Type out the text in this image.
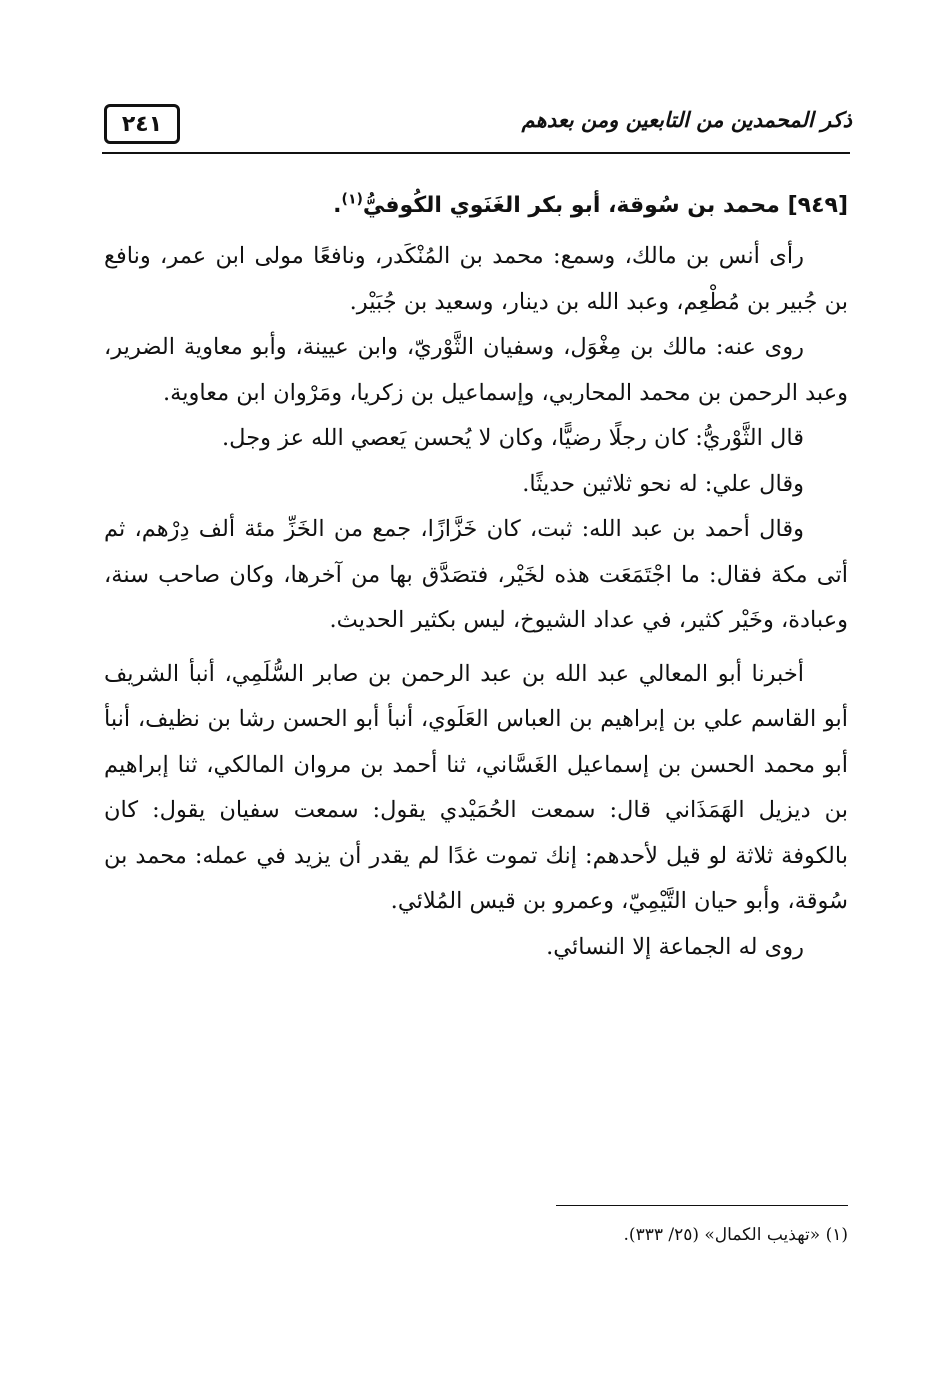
٢٤١	ذكر المحمدين من التابعين ومن بعدهم

[٩٤٩] محمد بن سُوقة، أبو بكر الغَنَوي الكُوفيُّ$^{(١)}$.

رأى أنس بن مالك، وسمع: محمد بن المُنْكَدر، ونافعًا مولى ابن عمر، ونافع بن جُبير بن مُطْعِم، وعبد الله بن دينار، وسعيد بن جُبَيْر.

روى عنه: مالك بن مِغْوَل، وسفيان الثَّوْريّ، وابن عيينة، وأبو معاوية الضرير، وعبد الرحمن بن محمد المحاربي، وإسماعيل بن زكريا، ومَرْوان ابن معاوية.

قال الثَّوْريُّ: كان رجلًا رضيًّا، وكان لا يُحسن يَعصي الله عز وجل.

وقال علي: له نحو ثلاثين حديثًا.

وقال أحمد بن عبد الله: ثبت، كان خَزَّازًا، جمع من الخَزِّ مئة ألف دِرْهم، ثم أتى مكة فقال: ما اجْتَمَعَت هذه لخَيْر، فتصَدَّق بها من آخرها، وكان صاحب سنة، وعبادة، وخَيْر كثير، في عداد الشيوخ، ليس بكثير الحديث.

أخبرنا أبو المعالي عبد الله بن عبد الرحمن بن صابر السُّلَمِي، أنبأ الشريف أبو القاسم علي بن إبراهيم بن العباس العَلَوي، أنبأ أبو الحسن رشا بن نظيف، أنبأ أبو محمد الحسن بن إسماعيل الغَسَّاني، ثنا أحمد بن مروان المالكي، ثنا إبراهيم بن ديزيل الهَمَذَاني قال: سمعت الحُمَيْدي يقول: سمعت سفيان يقول: كان بالكوفة ثلاثة لو قيل لأحدهم: إنك تموت غدًا لم يقدر أن يزيد في عمله: محمد بن سُوقة، وأبو حيان التَّيْمِيّ، وعمرو بن قيس المُلائي.

روى له الجماعة إلا النسائي.

(١) «تهذيب الكمال» (٢٥/ ٣٣٣).
